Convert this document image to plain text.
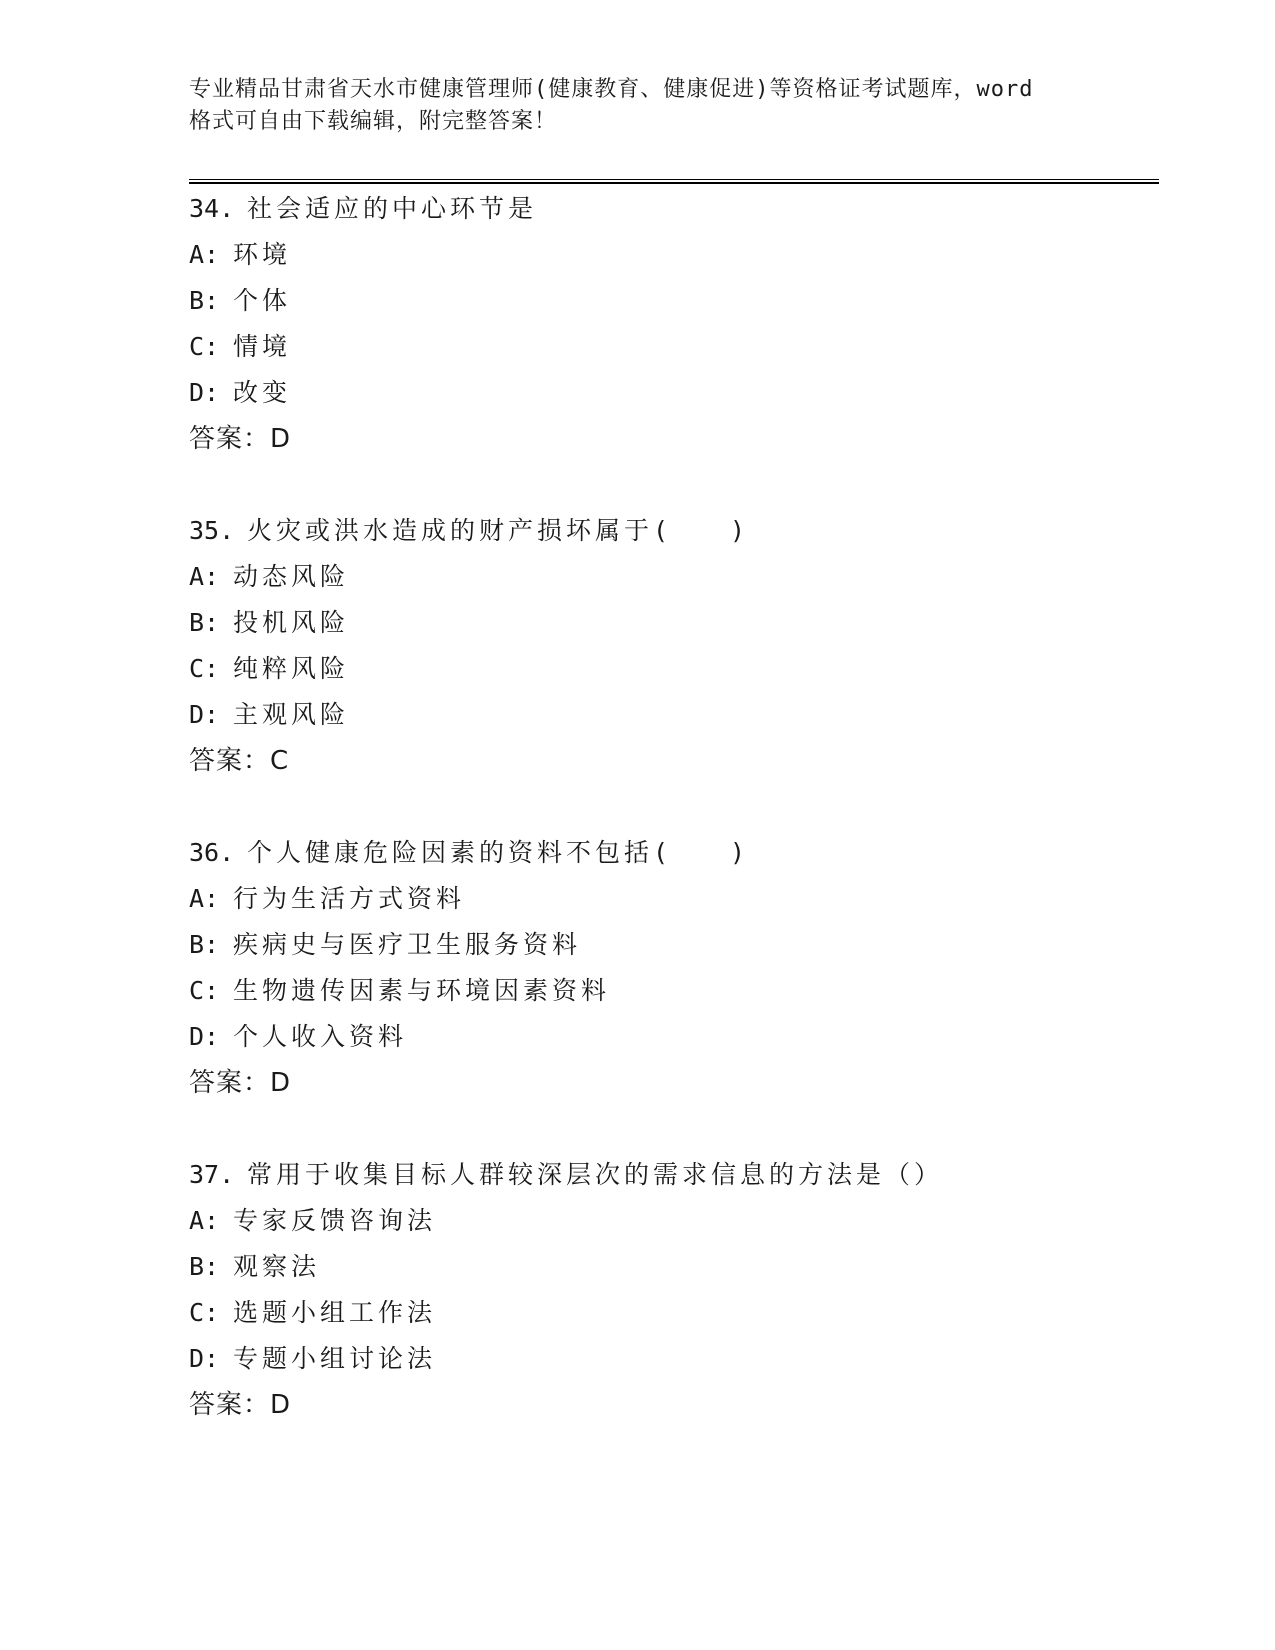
专业精品甘肃省天水市健康管理师(健康教育、健康促进)等资格证考试题库，word
格式可自由下载编辑，附完整答案！
34. 社会适应的中心环节是
A: 环境
B: 个体
C: 情境
D: 改变
答案：D
35. 火灾或洪水造成的财产损坏属于(　　)
A: 动态风险
B: 投机风险
C: 纯粹风险
D: 主观风险
答案：C
36. 个人健康危险因素的资料不包括(　　)
A: 行为生活方式资料
B: 疾病史与医疗卫生服务资料
C: 生物遗传因素与环境因素资料
D: 个人收入资料
答案：D
37. 常用于收集目标人群较深层次的需求信息的方法是（）
A: 专家反馈咨询法
B: 观察法
C: 选题小组工作法
D: 专题小组讨论法
答案：D
